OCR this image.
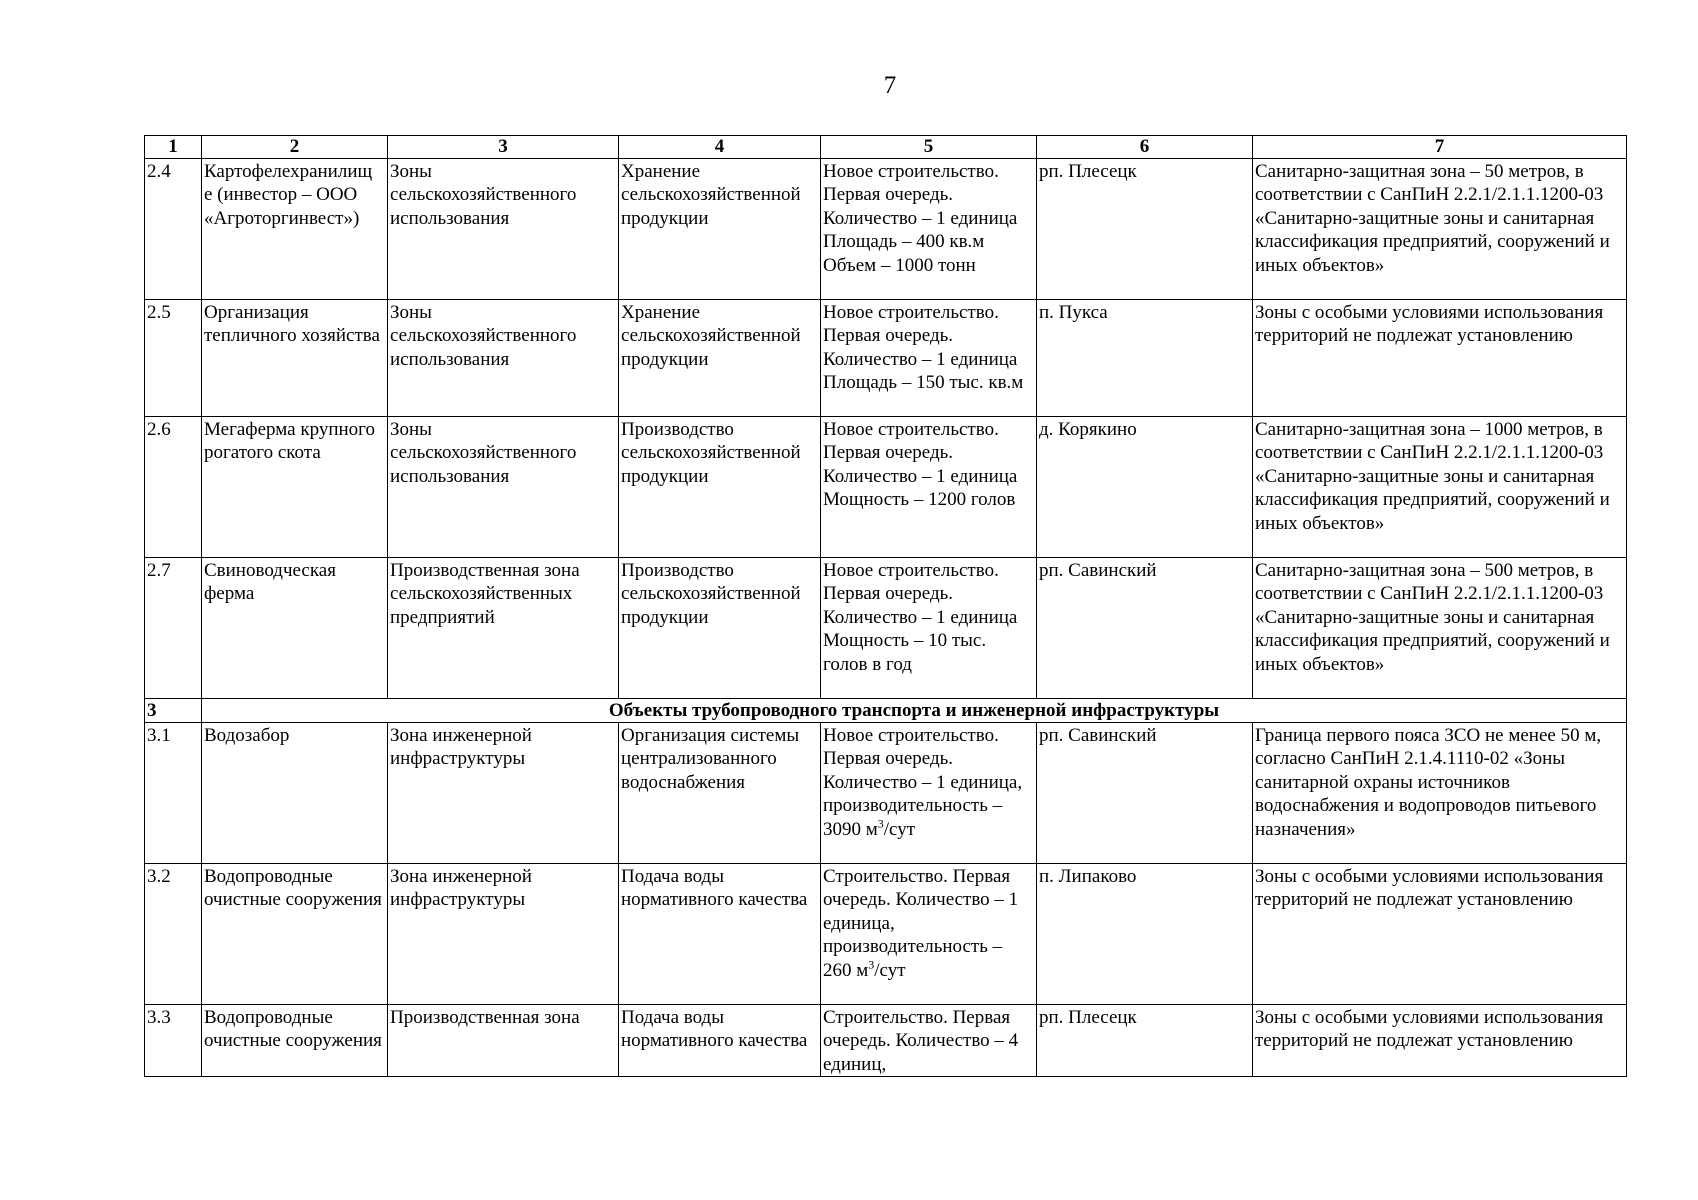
7
1	2	3	4	5	6	7
2.4	Картофелехранилищ е (инвестор – ООО «Агроторгинвест»)	Зоны сельскохозяйственного использования	Хранение сельскохозяйственной продукции	Новое строительство. Первая очередь. Количество – 1 единица Площадь – 400 кв.м Объем – 1000 тонн	рп. Плесецк	Санитарно-защитная зона – 50 метров, в соответствии с СанПиН 2.2.1/2.1.1.1200-03 «Санитарно-защитные зоны и санитарная классификация предприятий, сооружений и иных объектов»
2.5	Организация тепличного хозяйства	Зоны сельскохозяйственного использования	Хранение сельскохозяйственной продукции	Новое строительство. Первая очередь. Количество – 1 единица Площадь – 150 тыс. кв.м	п. Пукса	Зоны с особыми условиями использования территорий не подлежат установлению
2.6	Мегаферма крупного рогатого скота	Зоны сельскохозяйственного использования	Производство сельскохозяйственной продукции	Новое строительство. Первая очередь. Количество – 1 единица Мощность – 1200 голов	д. Корякино	Санитарно-защитная зона – 1000 метров, в соответствии с СанПиН 2.2.1/2.1.1.1200-03 «Санитарно-защитные зоны и санитарная классификация предприятий, сооружений и иных объектов»
2.7	Свиноводческая ферма	Производственная зона сельскохозяйственных предприятий	Производство сельскохозяйственной продукции	Новое строительство. Первая очередь. Количество – 1 единица Мощность – 10 тыс. голов в год	рп. Савинский	Санитарно-защитная зона – 500 метров, в соответствии с СанПиН 2.2.1/2.1.1.1200-03 «Санитарно-защитные зоны и санитарная классификация предприятий, сооружений и иных объектов»
3	Объекты трубопроводного транспорта и инженерной инфраструктуры					
3.1	Водозабор	Зона инженерной инфраструктуры	Организация системы централизованного водоснабжения	Новое строительство. Первая очередь. Количество – 1 единица, производительность – 3090 $м^3$/сут	рп. Савинский	Граница первого пояса ЗСО не менее 50 м, согласно СанПиН 2.1.4.1110-02 «Зоны санитарной охраны источников водоснабжения и водопроводов питьевого назначения»
3.2	Водопроводные очистные сооружения	Зона инженерной инфраструктуры	Подача воды нормативного качества	Строительство. Первая очередь. Количество – 1 единица, производительность – 260 $м^3$/сут	п. Липаково	Зоны с особыми условиями использования территорий не подлежат установлению
3.3	Водопроводные очистные сооружения	Производственная зона	Подача воды нормативного качества	Строительство. Первая очередь. Количество – 4 единиц,	рп. Плесецк	Зоны с особыми условиями использования территорий не подлежат установлению
